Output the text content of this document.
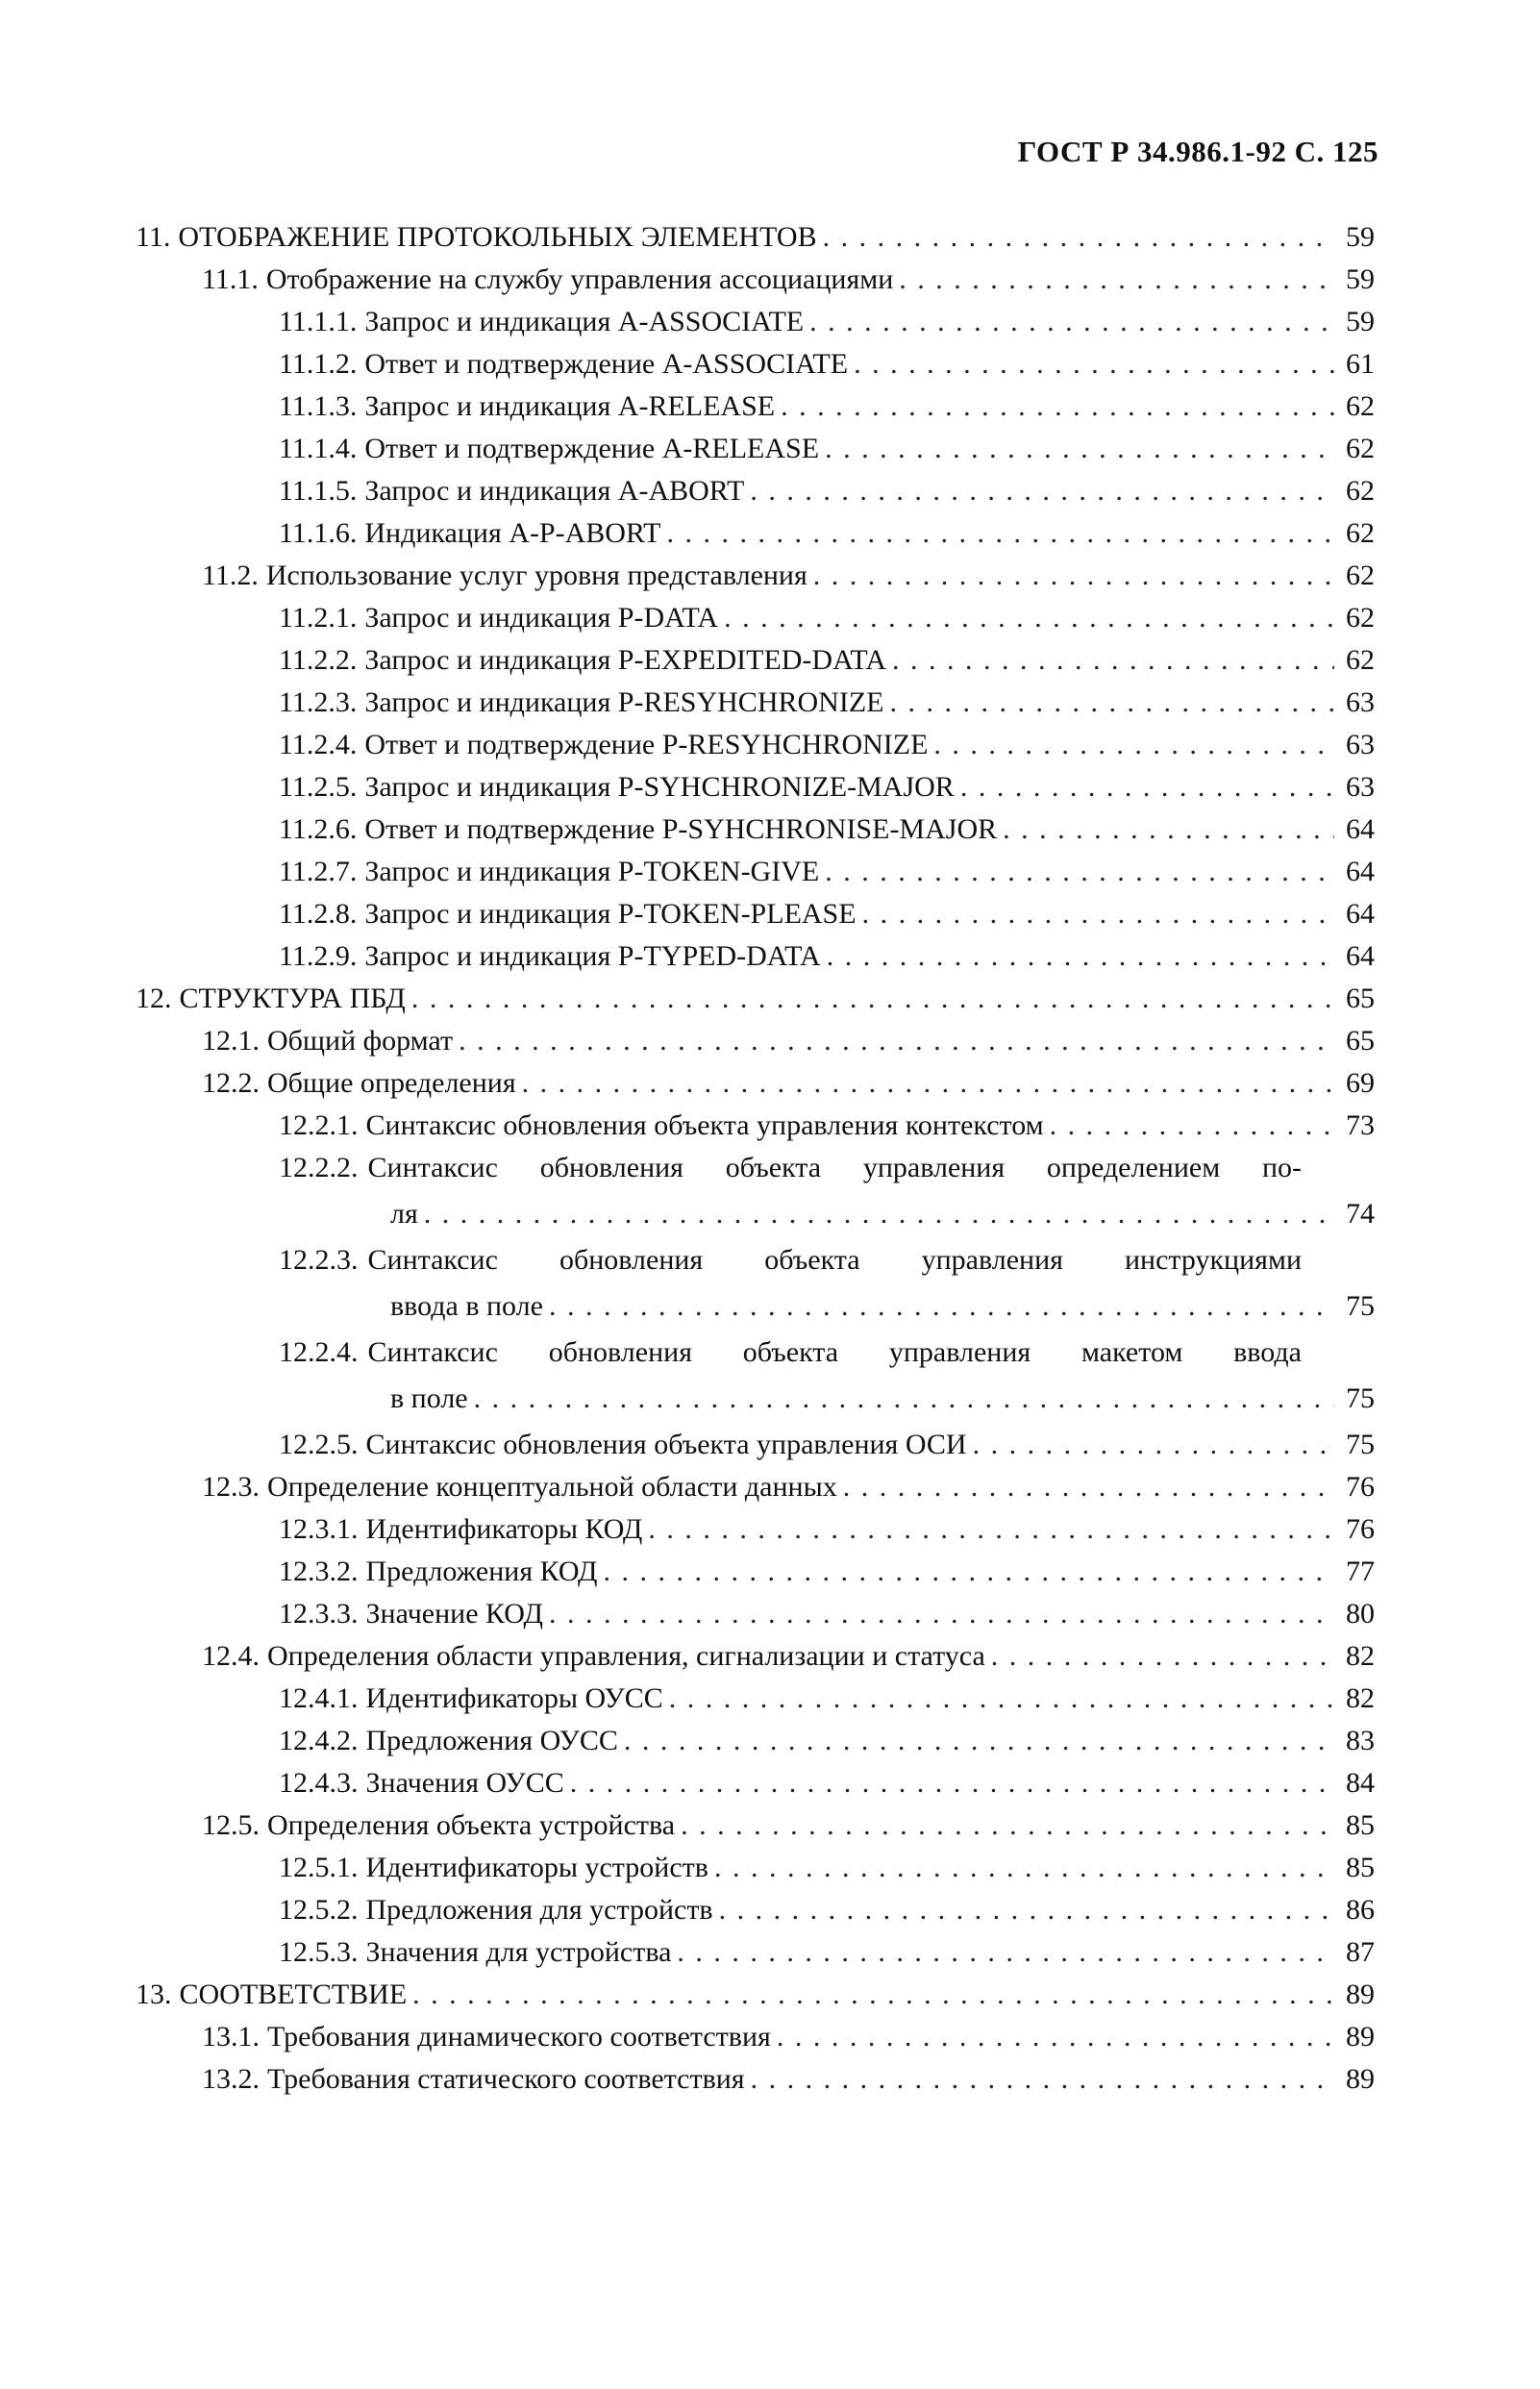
ГОСТ Р 34.986.1-92 С. 125
11. ОТОБРАЖЕНИЕ ПРОТОКОЛЬНЫХ ЭЛЕМЕНТОВ . . .	59
11.1. Отображение на службу управления ассоциациями . . .	59
11.1.1. Запрос и индикация A-ASSOCIATE . . .	59
11.1.2. Ответ и подтверждение A-ASSOCIATE . . .	61
11.1.3. Запрос и индикация A-RELEASE . . .	62
11.1.4. Ответ и подтверждение A-RELEASE . . .	62
11.1.5. Запрос и индикация A-ABORT . . .	62
11.1.6. Индикация A-P-ABORT . . .	62
11.2. Использование услуг уровня представления . . .	62
11.2.1. Запрос и индикация P-DATA . . .	62
11.2.2. Запрос и индикация P-EXPEDITED-DATA . . .	62
11.2.3. Запрос и индикация P-RESYHCHRONIZE . . .	63
11.2.4. Ответ и подтверждение P-RESYHCHRONIZE . . .	63
11.2.5. Запрос и индикация P-SYHCHRONIZE-MAJOR . . .	63
11.2.6. Ответ и подтверждение P-SYHCHRONISE-MAJOR . . .	64
11.2.7. Запрос и индикация P-TOKEN-GIVE . . .	64
11.2.8. Запрос и индикация P-TOKEN-PLEASE . . .	64
11.2.9. Запрос и индикация P-TYPED-DATA . . .	64
12. СТРУКТУРА ПБД . . .	65
12.1. Общий формат . . .	65
12.2. Общие определения . . .	69
12.2.1. Синтаксис обновления объекта управления контекстом . . .	73
12.2.2. Синтаксис обновления объекта управления определением по-
ля . . .	74
12.2.3. Синтаксис обновления объекта управления инструкциями
ввода в поле . . .	75
12.2.4. Синтаксис обновления объекта управления макетом ввода
в поле . . .	75
12.2.5. Синтаксис обновления объекта управления ОСИ . . .	75
12.3. Определение концептуальной области данных . . .	76
12.3.1. Идентификаторы КОД . . .	76
12.3.2. Предложения КОД . . .	77
12.3.3. Значение КОД . . .	80
12.4. Определения области управления, сигнализации и статуса . . .	82
12.4.1. Идентификаторы ОУСС . . .	82
12.4.2. Предложения ОУСС . . .	83
12.4.3. Значения ОУСС . . .	84
12.5. Определения объекта устройства . . .	85
12.5.1. Идентификаторы устройств . . .	85
12.5.2. Предложения для устройств . . .	86
12.5.3. Значения для устройства . . .	87
13. СООТВЕТСТВИЕ . . .	89
13.1. Требования динамического соответствия . . .	89
13.2. Требования статического соответствия . . .	89
